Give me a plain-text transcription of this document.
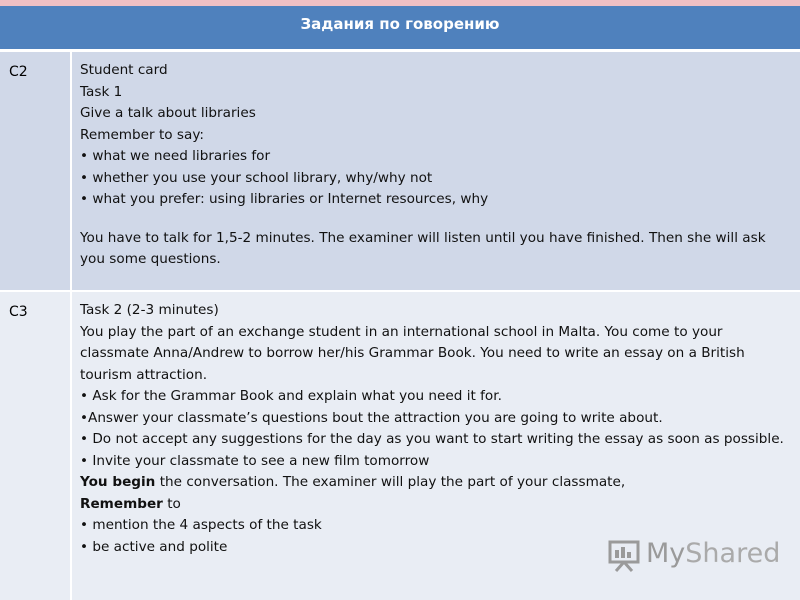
Задания по говорению
C2	Student card
Task 1
Give a talk about libraries
Remember to say:
• what we need libraries for
• whether you use your school library, why/why not
• what you prefer: using libraries or Internet resources, why
You have to talk for 1,5-2 minutes. The examiner will listen until you have finished. Then she will ask you some questions.
C3	Task 2 (2-3 minutes)
You play the part of an exchange student in an international school in Malta. You come to your classmate Anna/Andrew to borrow her/his Grammar Book. You need to write an essay on a British tourism attraction.
• Ask for the Grammar Book and explain what you need it for.
•Answer your classmate’s questions bout the attraction you are going to write about.
• Do not accept any suggestions for the day as you want to start writing the essay as soon as possible.
• Invite your classmate to see a new film tomorrow
You begin the conversation. The examiner will play the part of your classmate,
Remember to
• mention the 4 aspects of the task
• be active and polite	MyShared
